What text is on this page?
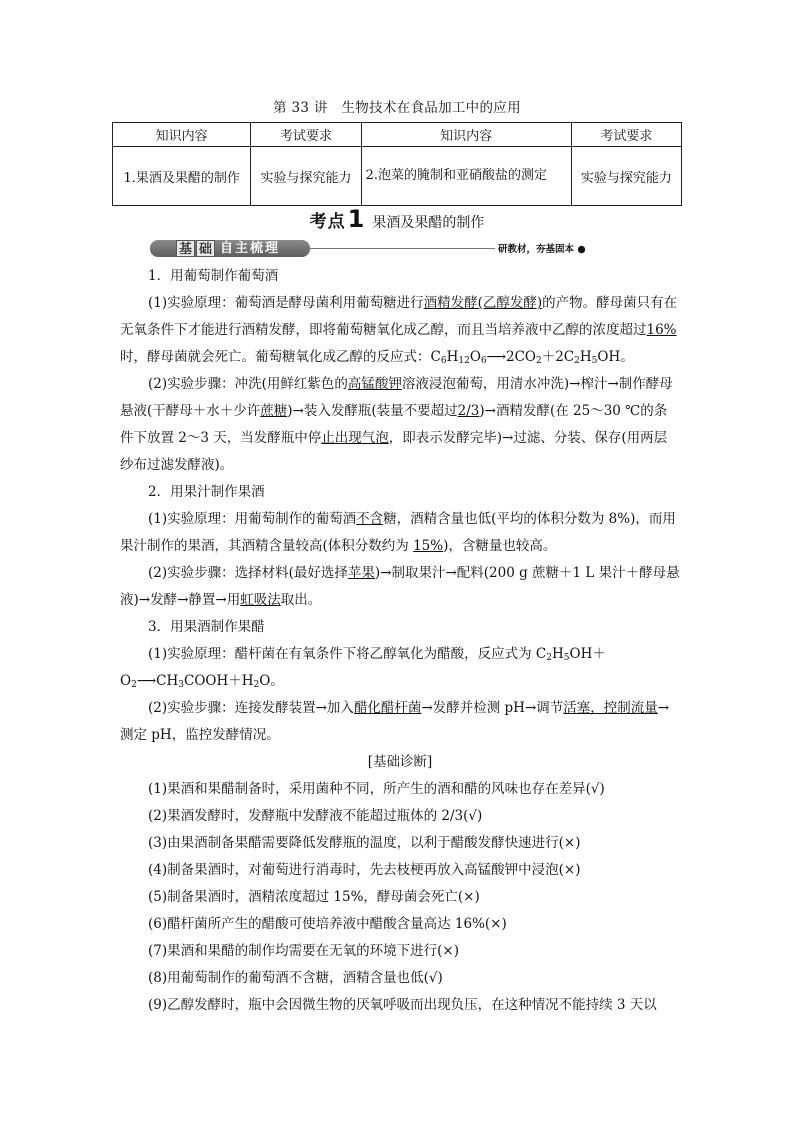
第 33 讲　生物技术在食品加工中的应用
知识内容	考试要求	知识内容	考试要求
1.果酒及果醋的制作	实验与探究能力	2.泡菜的腌制和亚硝酸盐的测定	实验与探究能力
考点1 果酒及果醋的制作
基 础 自主梳理	研教材，夯基固本 ●

1．用葡萄制作葡萄酒

(1)实验原理：葡萄酒是酵母菌利用葡萄糖进行酒精发酵(乙醇发酵)的产物。酵母菌只有在无氧条件下才能进行酒精发酵，即将葡萄糖氧化成乙醇，而且当培养液中乙醇的浓度超过16%时，酵母菌就会死亡。葡萄糖氧化成乙醇的反应式：$C_6H_{12}O_6⟶2CO_2+2C_2H_5OH$。

(2)实验步骤：冲洗(用鲜红紫色的高锰酸钾溶液浸泡葡萄，用清水冲洗)→榨汁→制作酵母悬液(干酵母＋水＋少许蔗糖)→装入发酵瓶(装量不要超过2/3)→酒精发酵(在 25～30 ℃的条件下放置 2～3 天，当发酵瓶中停止出现气泡，即表示发酵完毕)→过滤、分装、保存(用两层纱布过滤发酵液)。

2．用果汁制作果酒

(1)实验原理：用葡萄制作的葡萄酒不含糖，酒精含量也低(平均的体积分数为 8%)，而用果汁制作的果酒，其酒精含量较高(体积分数约为 15%)，含糖量也较高。

(2)实验步骤：选择材料(最好选择苹果)→制取果汁→配料(200 g 蔗糖＋1 L 果汁＋酵母悬液)→发酵→静置→用虹吸法取出。

3．用果酒制作果醋

(1)实验原理：醋杆菌在有氧条件下将乙醇氧化为醋酸，反应式为 $C_2H_5OH+O_2⟶CH_3COOH+H_2O$。

(2)实验步骤：连接发酵装置→加入醋化醋杆菌→发酵并检测 pH→调节活塞，控制流量→测定 pH，监控发酵情况。

[基础诊断]

(1)果酒和果醋制备时，采用菌种不同，所产生的酒和醋的风味也存在差异(√)

(2)果酒发酵时，发酵瓶中发酵液不能超过瓶体的 2/3(√)

(3)由果酒制备果醋需要降低发酵瓶的温度，以利于醋酸发酵快速进行(×)

(4)制备果酒时，对葡萄进行消毒时，先去枝梗再放入高锰酸钾中浸泡(×)

(5)制备果酒时，酒精浓度超过 15%，酵母菌会死亡(×)

(6)醋杆菌所产生的醋酸可使培养液中醋酸含量高达 16%(×)

(7)果酒和果醋的制作均需要在无氧的环境下进行(×)

(8)用葡萄制作的葡萄酒不含糖，酒精含量也低(√)

(9)乙醇发酵时，瓶中会因微生物的厌氧呼吸而出现负压，在这种情况不能持续 3 天以
